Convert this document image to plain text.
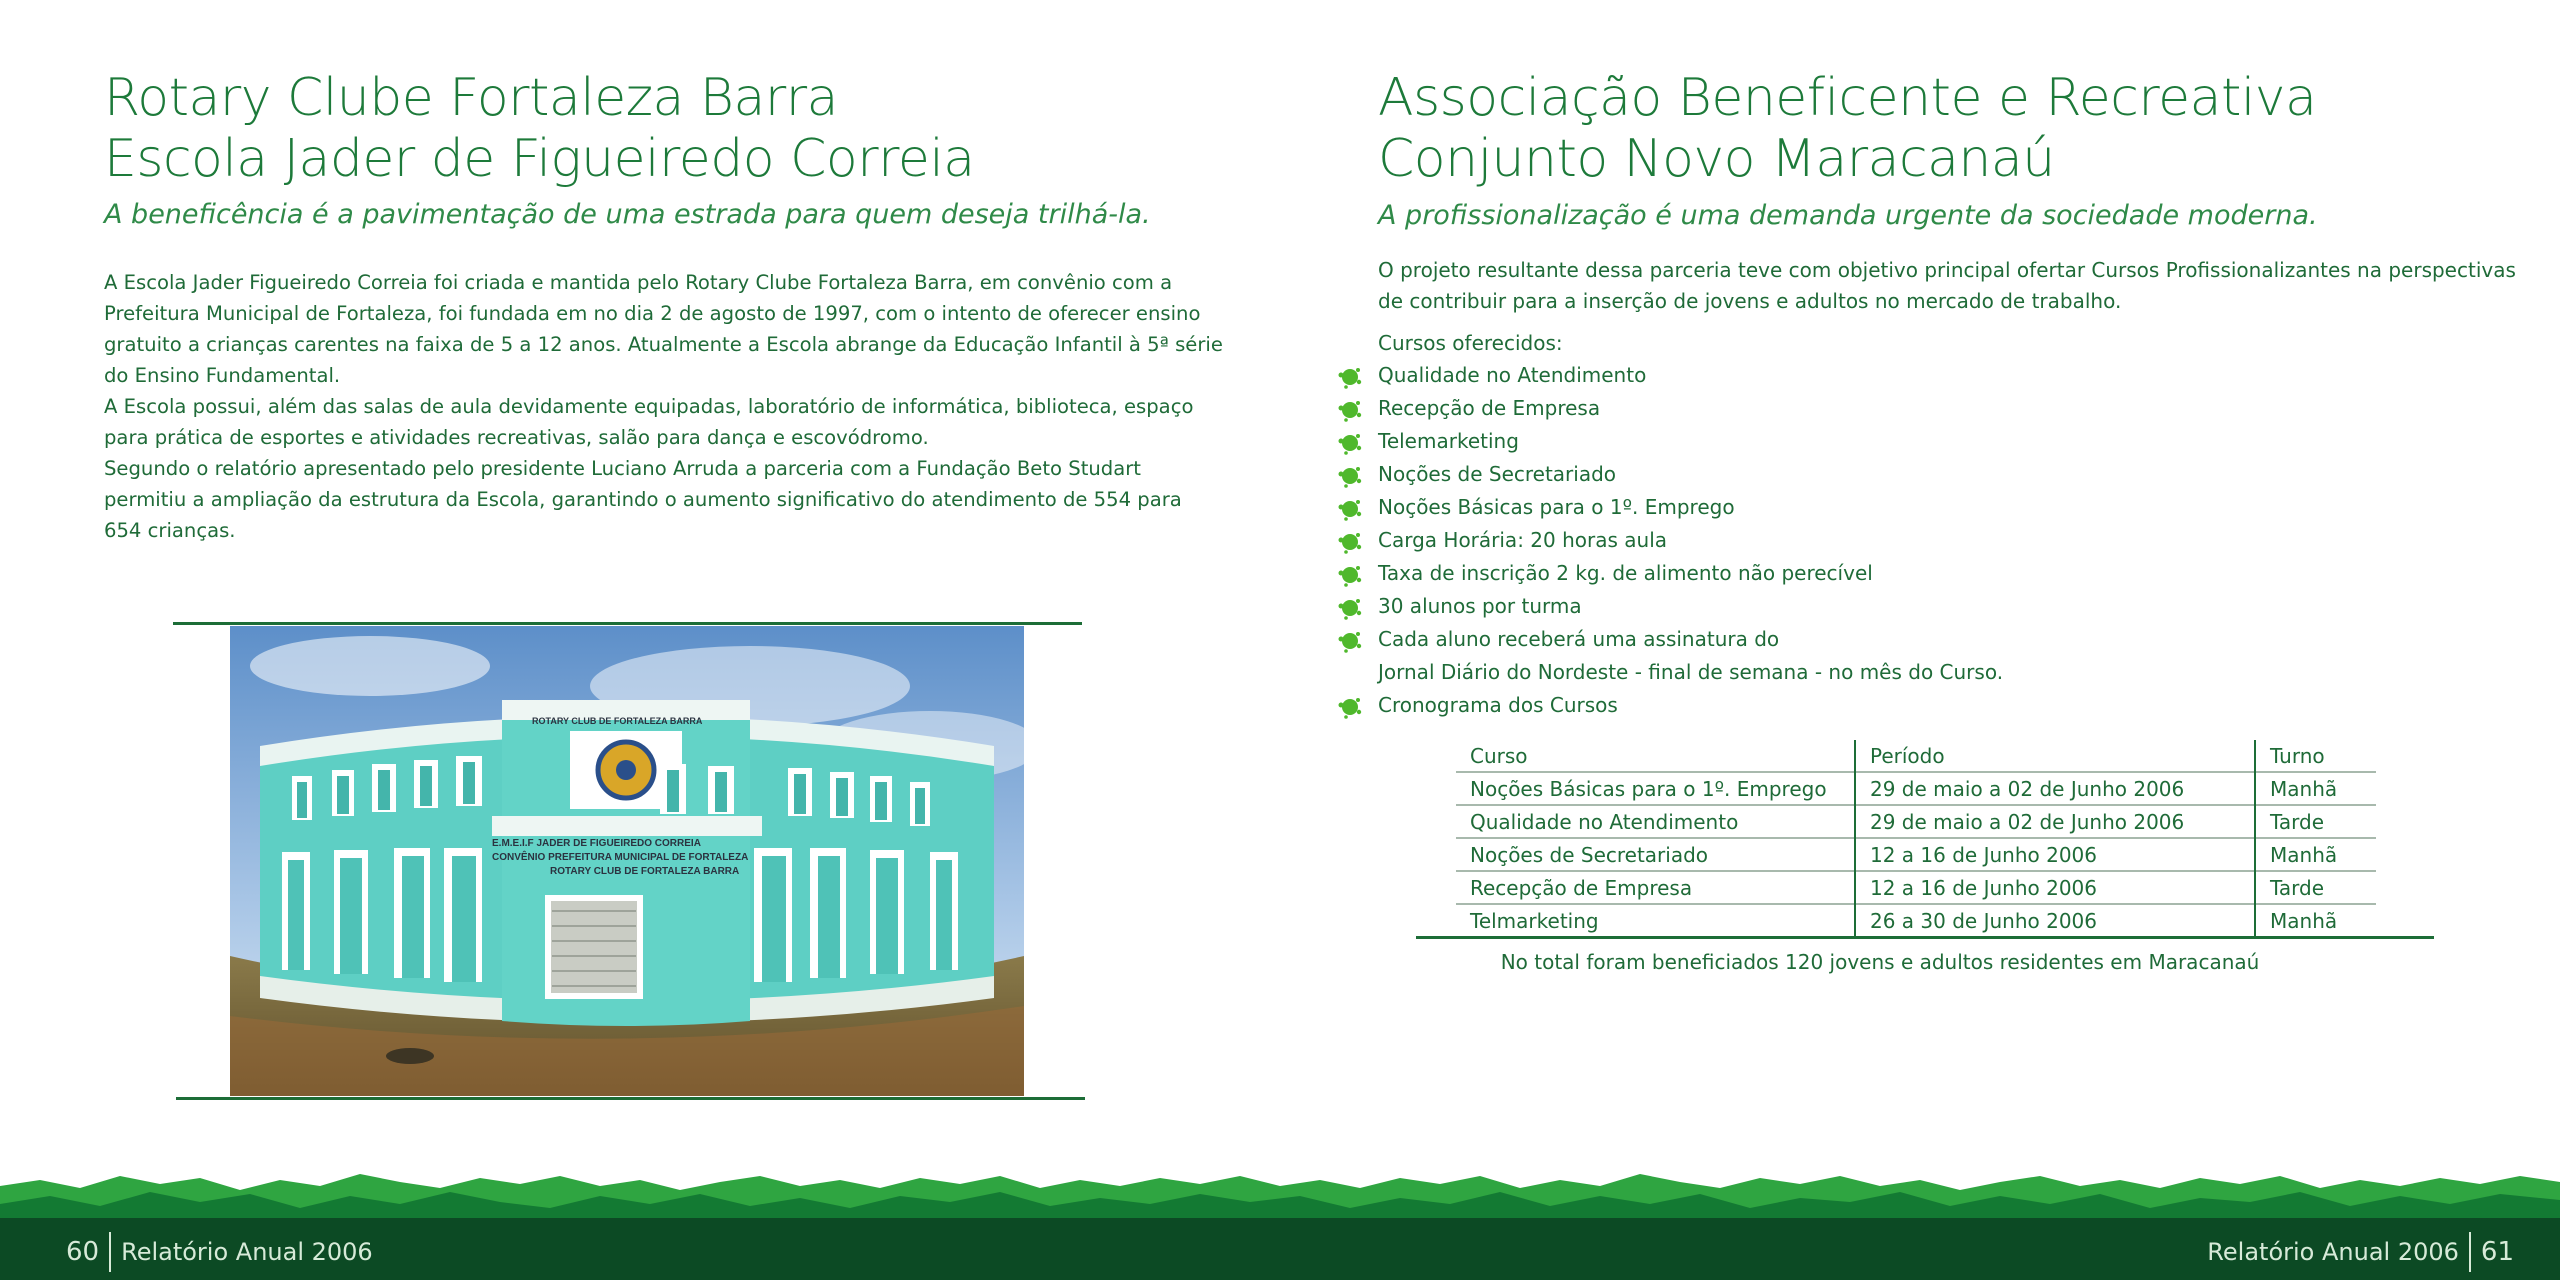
Rotary Clube Fortaleza Barra
Escola Jader de Figueiredo Correia

A beneficência é a pavimentação de uma estrada para quem deseja trilhá-la.

A Escola Jader Figueiredo Correia foi criada e mantida pelo Rotary Clube Fortaleza Barra, em convênio com a Prefeitura Municipal de Fortaleza, foi fundada em no dia 2 de agosto de 1997, com o intento de oferecer ensino gratuito a crianças carentes na faixa de 5 a 12 anos. Atualmente a Escola abrange da Educação Infantil à 5ª série do Ensino Fundamental.

A Escola possui, além das salas de aula devidamente equipadas, laboratório de informática, biblioteca, espaço para prática de esportes e atividades recreativas, salão para dança e escovódromo.

Segundo o relatório apresentado pelo presidente Luciano Arruda a parceria com a Fundação Beto Studart permitiu a ampliação da estrutura da Escola, garantindo o aumento significativo do atendimento de 554 para 654 crianças.

ROTARY CLUB DE FORTALEZA BARRA
E.M.E.I.F JADER DE FIGUEIREDO CORREIA
CONVÊNIO PREFEITURA MUNICIPAL DE FORTALEZA
ROTARY CLUB DE FORTALEZA BARRA
Associação Beneficente e Recreativa
Conjunto Novo Maracanaú

A profissionalização é uma demanda urgente da sociedade moderna.

O projeto resultante dessa parceria teve com objetivo principal ofertar Cursos Profissionalizantes na perspectivas de contribuir para a inserção de jovens e adultos no mercado de trabalho.

Cursos oferecidos:
Qualidade no Atendimento
Recepção de Empresa
Telemarketing
Noções de Secretariado
Noções Básicas para o 1º. Emprego
Carga Horária: 20 horas aula
Taxa de inscrição 2 kg. de alimento não perecível
30 alunos por turma
Cada aluno receberá uma assinatura do
Jornal Diário do Nordeste - final de semana - no mês do Curso.
Cronograma dos Cursos
	Curso	Período	Turno	
	Noções Básicas para o 1º. Emprego	29 de maio a 02 de Junho 2006	Manhã	
	Qualidade no Atendimento	29 de maio a 02 de Junho 2006	Tarde	
	Noções de Secretariado	12 a 16 de Junho 2006	Manhã	
	Recepção de Empresa	12 a 16 de Junho 2006	Tarde	
	Telmarketing	26 a 30 de Junho 2006	Manhã	
No total foram beneficiados 120 jovens e adultos residentes em Maracanaú
60 Relatório Anual 2006	Relatório Anual 2006 61
